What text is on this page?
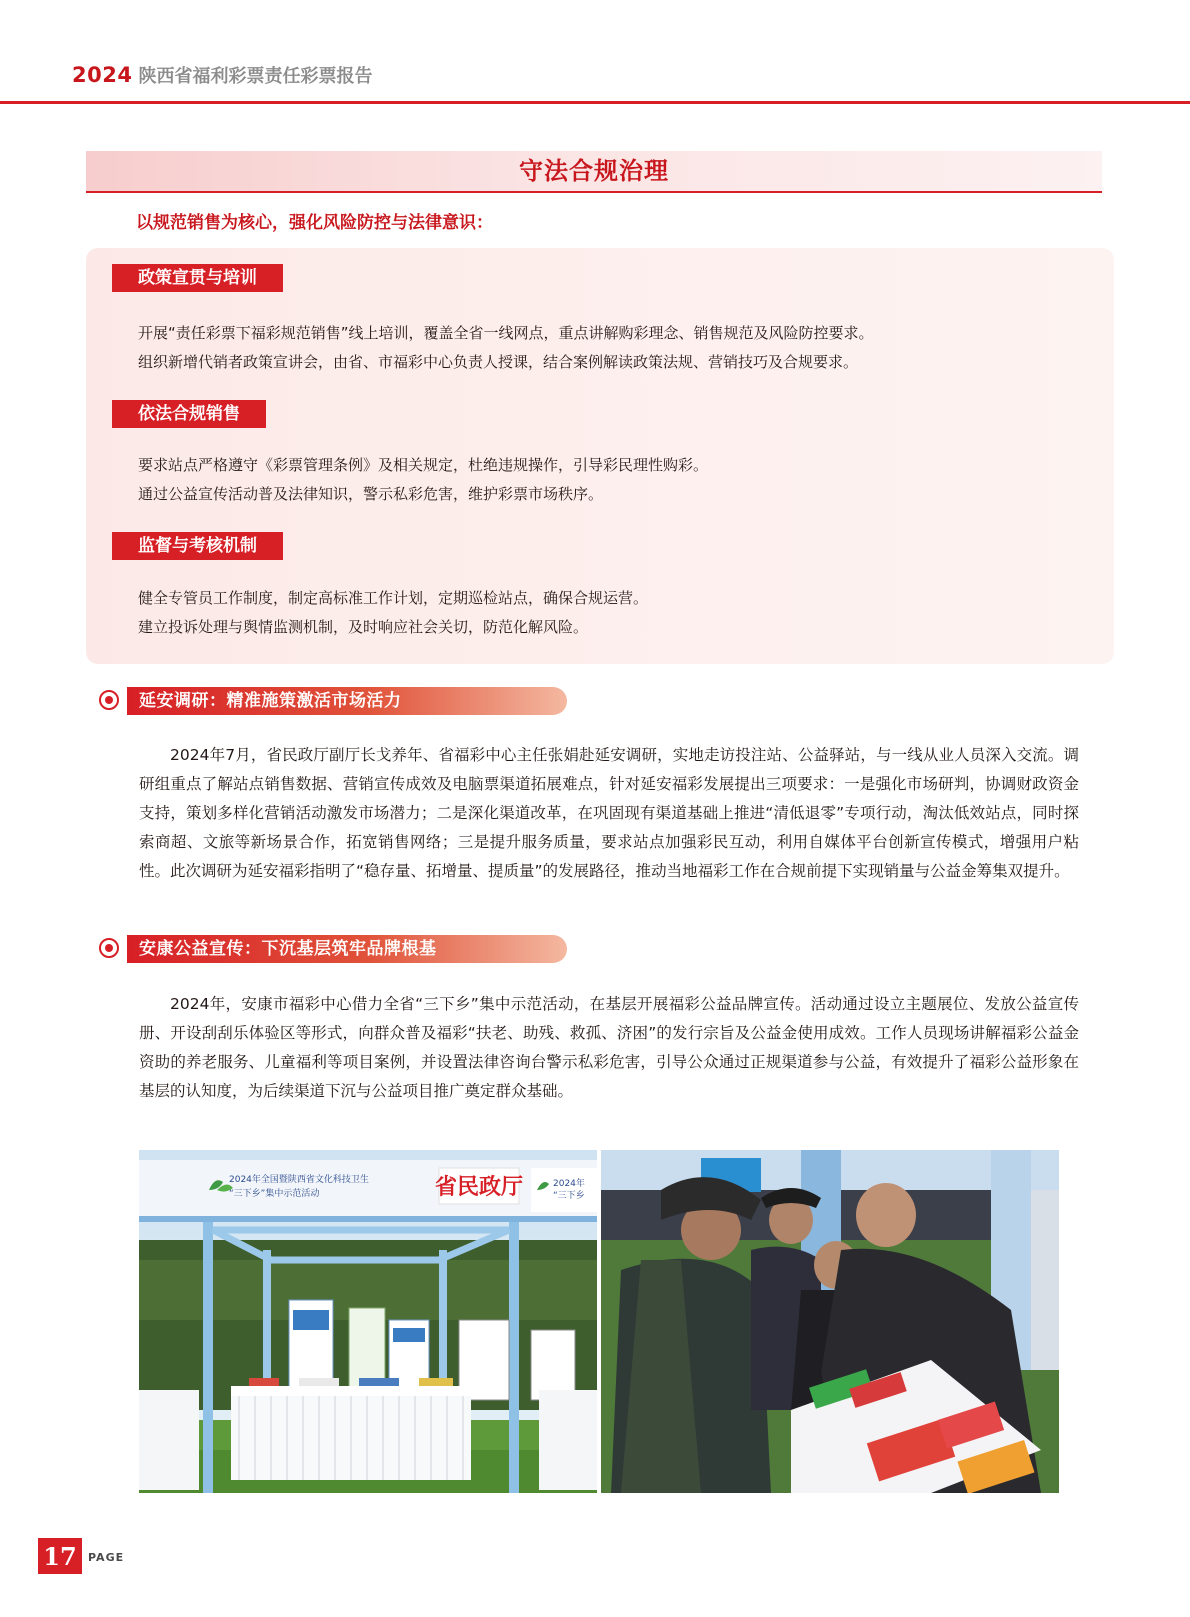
2024 陕西省福利彩票责任彩票报告
守法合规治理
以规范销售为核心，强化风险防控与法律意识：
政策宣贯与培训
开展“责任彩票下福彩规范销售”线上培训，覆盖全省一线网点，重点讲解购彩理念、销售规范及风险防控要求。
组织新增代销者政策宣讲会，由省、市福彩中心负责人授课，结合案例解读政策法规、营销技巧及合规要求。
依法合规销售
要求站点严格遵守《彩票管理条例》及相关规定，杜绝违规操作，引导彩民理性购彩。
通过公益宣传活动普及法律知识，警示私彩危害，维护彩票市场秩序。
监督与考核机制
健全专管员工作制度，制定高标准工作计划，定期巡检站点，确保合规运营。
建立投诉处理与舆情监测机制，及时响应社会关切，防范化解风险。
延安调研：精准施策激活市场活力
2024年7月，省民政厅副厅长戈养年、省福彩中心主任张娟赴延安调研，实地走访投注站、公益驿站，与一线从业人员深入交流。调研组重点了解站点销售数据、营销宣传成效及电脑票渠道拓展难点，针对延安福彩发展提出三项要求：一是强化市场研判，协调财政资金支持，策划多样化营销活动激发市场潜力；二是深化渠道改革，在巩固现有渠道基础上推进“清低退零”专项行动，淘汰低效站点，同时探索商超、文旅等新场景合作，拓宽销售网络；三是提升服务质量，要求站点加强彩民互动，利用自媒体平台创新宣传模式，增强用户粘性。此次调研为延安福彩指明了“稳存量、拓增量、提质量”的发展路径，推动当地福彩工作在合规前提下实现销量与公益金筹集双提升。
安康公益宣传：下沉基层筑牢品牌根基
2024年，安康市福彩中心借力全省“三下乡”集中示范活动，在基层开展福彩公益品牌宣传。活动通过设立主题展位、发放公益宣传册、开设刮刮乐体验区等形式，向群众普及福彩“扶老、助残、救孤、济困”的发行宗旨及公益金使用成效。工作人员现场讲解福彩公益金资助的养老服务、儿童福利等项目案例，并设置法律咨询台警示私彩危害，引导公众通过正规渠道参与公益，有效提升了福彩公益形象在基层的认知度，为后续渠道下沉与公益项目推广奠定群众基础。
省民政厅
2024年全国暨陕西省文化科技卫生
“三下乡”集中示范活动
2024年
“三下乡
17	PAGE
